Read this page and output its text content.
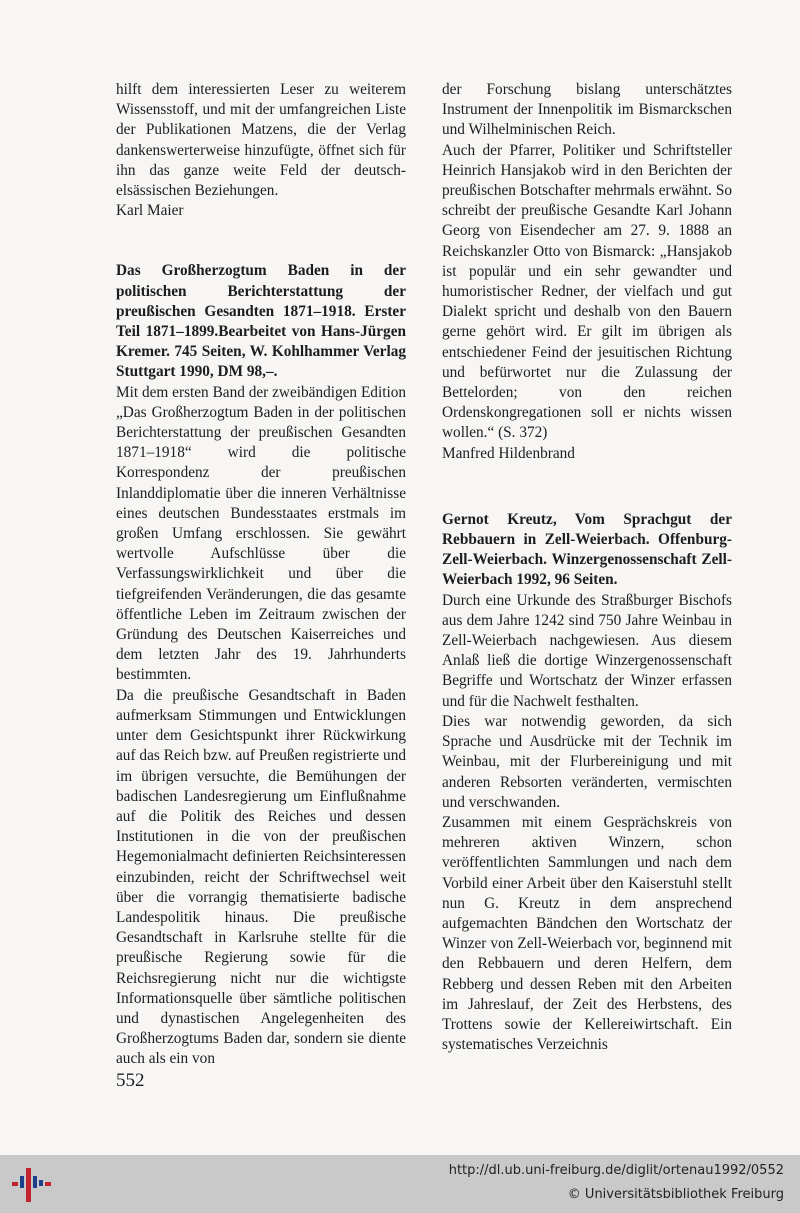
hilft dem interessierten Leser zu weiterem Wissensstoff, und mit der umfangreichen Liste der Publikationen Matzens, die der Verlag dankenswerterweise hinzufügte, öffnet sich für ihn das ganze weite Feld der deutsch-elsässischen Beziehungen.

Karl Maier

Das Großherzogtum Baden in der politischen Berichterstattung der preußischen Gesandten 1871–1918. Erster Teil 1871–1899.Bearbeitet von Hans-Jürgen Kremer. 745 Seiten, W. Kohlhammer Verlag Stuttgart 1990, DM 98,–.

Mit dem ersten Band der zweibändigen Edition „Das Großherzogtum Baden in der politischen Berichterstattung der preußischen Gesandten 1871–1918“ wird die politische Korrespondenz der preußischen Inlanddiplomatie über die inneren Verhältnisse eines deutschen Bundesstaates erstmals im großen Umfang erschlossen. Sie gewährt wertvolle Aufschlüsse über die Verfassungswirklichkeit und über die tiefgreifenden Veränderungen, die das gesamte öffentliche Leben im Zeitraum zwischen der Gründung des Deutschen Kaiserreiches und dem letzten Jahr des 19. Jahrhunderts bestimmten.

Da die preußische Gesandtschaft in Baden aufmerksam Stimmungen und Entwicklungen unter dem Gesichtspunkt ihrer Rückwirkung auf das Reich bzw. auf Preußen registrierte und im übrigen versuchte, die Bemühungen der badischen Landesregierung um Einflußnahme auf die Politik des Reiches und dessen Institutionen in die von der preußischen Hegemonialmacht definierten Reichsinteressen einzubinden, reicht der Schriftwechsel weit über die vorrangig thematisierte badische Landespolitik hinaus. Die preußische Gesandtschaft in Karlsruhe stellte für die preußische Regierung sowie für die Reichsregierung nicht nur die wichtigste Informationsquelle über sämtliche politischen und dynastischen Angelegenheiten des Großherzogtums Baden dar, sondern sie diente auch als ein von

der Forschung bislang unterschätztes Instrument der Innenpolitik im Bismarckschen und Wilhelminischen Reich.

Auch der Pfarrer, Politiker und Schriftsteller Heinrich Hansjakob wird in den Berichten der preußischen Botschafter mehrmals erwähnt. So schreibt der preußische Gesandte Karl Johann Georg von Eisendecher am 27. 9. 1888 an Reichskanzler Otto von Bismarck: „Hansjakob ist populär und ein sehr gewandter und humoristischer Redner, der vielfach und gut Dialekt spricht und deshalb von den Bauern gerne gehört wird. Er gilt im übrigen als entschiedener Feind der jesuitischen Richtung und befürwortet nur die Zulassung der Bettelorden; von den reichen Ordenskongregationen soll er nichts wissen wollen.“ (S. 372)

Manfred Hildenbrand

Gernot Kreutz, Vom Sprachgut der Rebbauern in Zell-Weierbach. Offenburg-Zell-Weierbach. Winzergenossenschaft Zell-Weierbach 1992, 96 Seiten.

Durch eine Urkunde des Straßburger Bischofs aus dem Jahre 1242 sind 750 Jahre Weinbau in Zell-Weierbach nachgewiesen. Aus diesem Anlaß ließ die dortige Winzergenossenschaft Begriffe und Wortschatz der Winzer erfassen und für die Nachwelt festhalten.

Dies war notwendig geworden, da sich Sprache und Ausdrücke mit der Technik im Weinbau, mit der Flurbereinigung und mit anderen Rebsorten veränderten, vermischten und verschwanden.

Zusammen mit einem Gesprächskreis von mehreren aktiven Winzern, schon veröffentlichten Sammlungen und nach dem Vorbild einer Arbeit über den Kaiserstuhl stellt nun G. Kreutz in dem ansprechend aufgemachten Bändchen den Wortschatz der Winzer von Zell-Weierbach vor, beginnend mit den Rebbauern und deren Helfern, dem Rebberg und dessen Reben mit den Arbeiten im Jahreslauf, der Zeit des Herbstens, des Trottens sowie der Kellereiwirtschaft. Ein systematisches Verzeichnis

552
http://dl.ub.uni-freiburg.de/diglit/ortenau1992/0552
© Universitätsbibliothek Freiburg
